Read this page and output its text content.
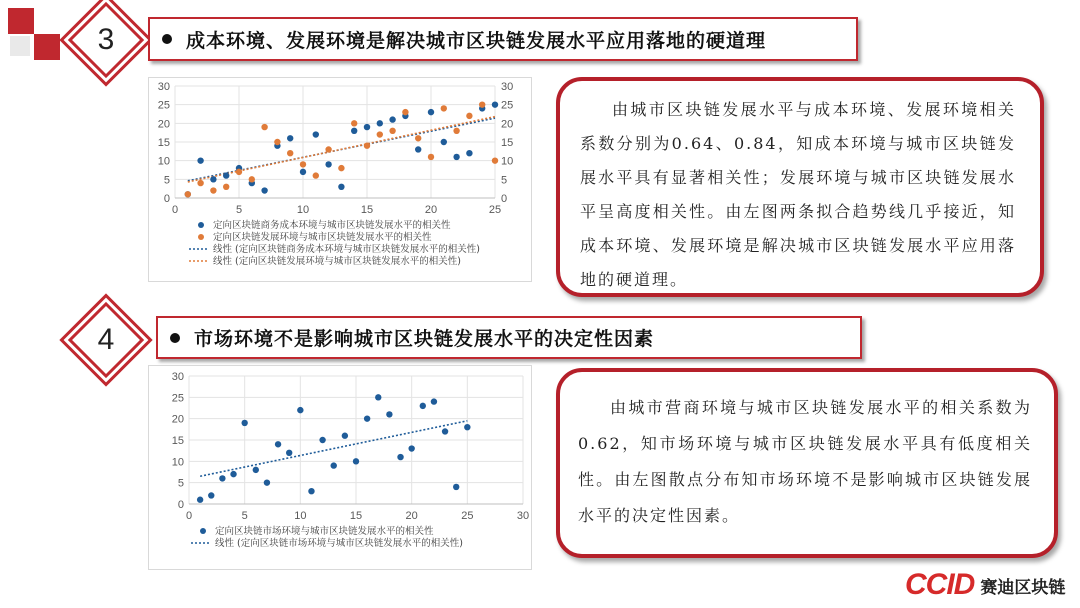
3	成本环境、发展环境是解决城市区块链发展水平应用落地的硬道理
0	5	10	15	20	25
0
5
10
15
20
25
30
0
5
10
15
20
25
30
定向区块链商务成本环境与城市区块链发展水平的相关性
定向区块链发展环境与城市区块链发展水平的相关性
线性 (定向区块链商务成本环境与城市区块链发展水平的相关性)
线性 (定向区块链发展环境与城市区块链发展水平的相关性)

由城市区块链发展水平与成本环境、发展环境相关系数分别为0.64、0.84，知成本环境与城市区块链发展水平具有显著相关性；发展环境与城市区块链发展水平呈高度相关性。由左图两条拟合趋势线几乎接近，知成本环境、发展环境是解决城市区块链发展水平应用落地的硬道理。

4	市场环境不是影响城市区块链发展水平的决定性因素
0	5	10	15	20	25	30
0
5
10
15
20
25
30
定向区块链市场环境与城市区块链发展水平的相关性
线性 (定向区块链市场环境与城市区块链发展水平的相关性)

由城市营商环境与城市区块链发展水平的相关系数为0.62，知市场环境与城市区块链发展水平具有低度相关性。由左图散点分布知市场环境不是影响城市区块链发展水平的决定性因素。

CCID 赛迪区块链
